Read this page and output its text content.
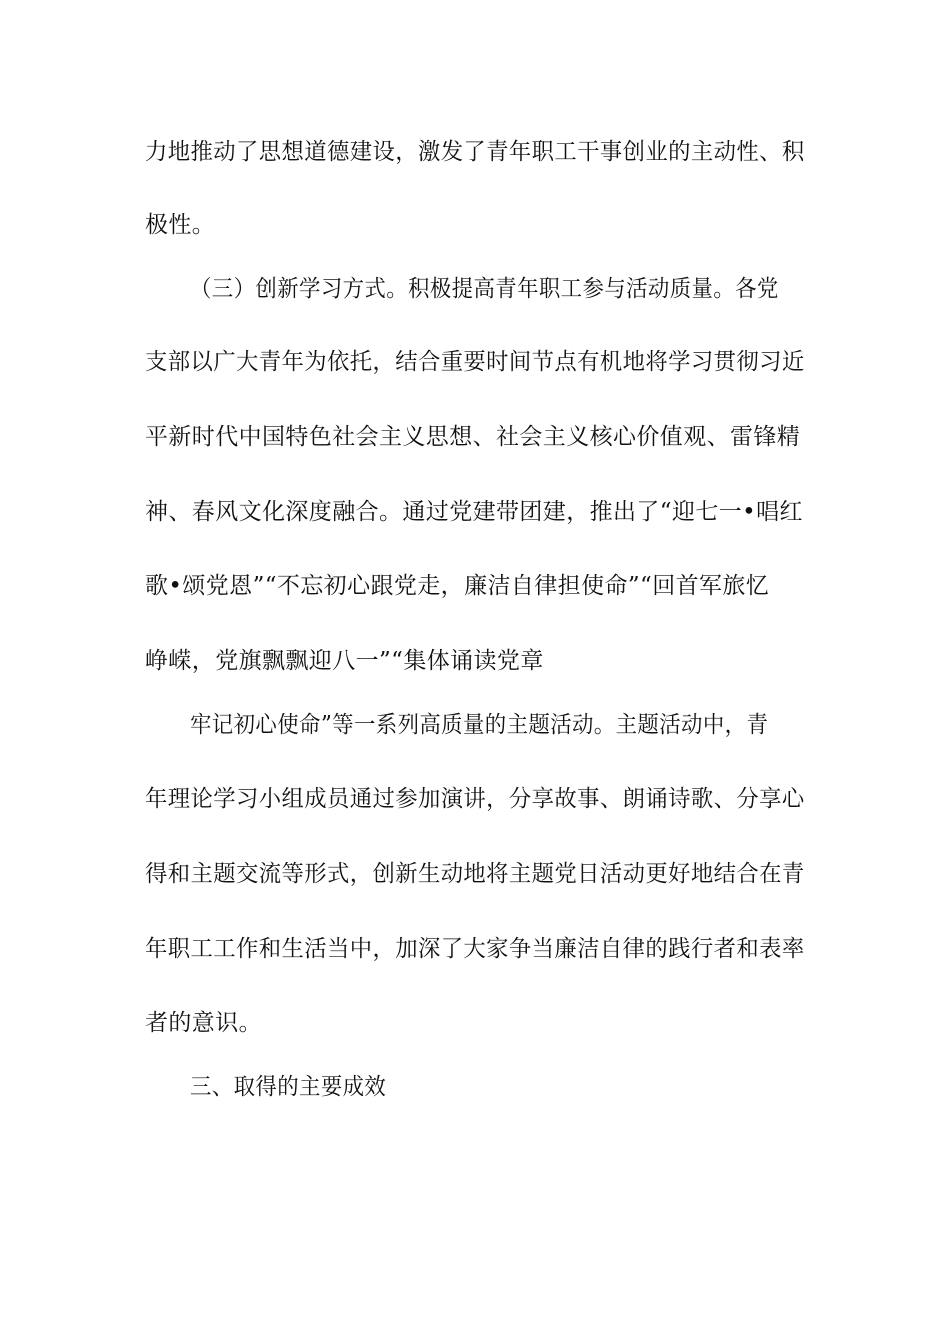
力地推动了思想道德建设，激发了青年职工干事创业的主动性、积
极性。
（三）创新学习方式。积极提高青年职工参与活动质量。各党
支部以广大青年为依托，结合重要时间节点有机地将学习贯彻习近
平新时代中国特色社会主义思想、社会主义核心价值观、雷锋精
神、春风文化深度融合。通过党建带团建，推出了“迎七一•唱红
歌•颂党恩”“不忘初心跟党走，廉洁自律担使命”“回首军旅忆
峥嵘，党旗飘飘迎八一”“集体诵读党章
牢记初心使命”等一系列高质量的主题活动。主题活动中，青
年理论学习小组成员通过参加演讲，分享故事、朗诵诗歌、分享心
得和主题交流等形式，创新生动地将主题党日活动更好地结合在青
年职工工作和生活当中，加深了大家争当廉洁自律的践行者和表率
者的意识。
三、取得的主要成效
